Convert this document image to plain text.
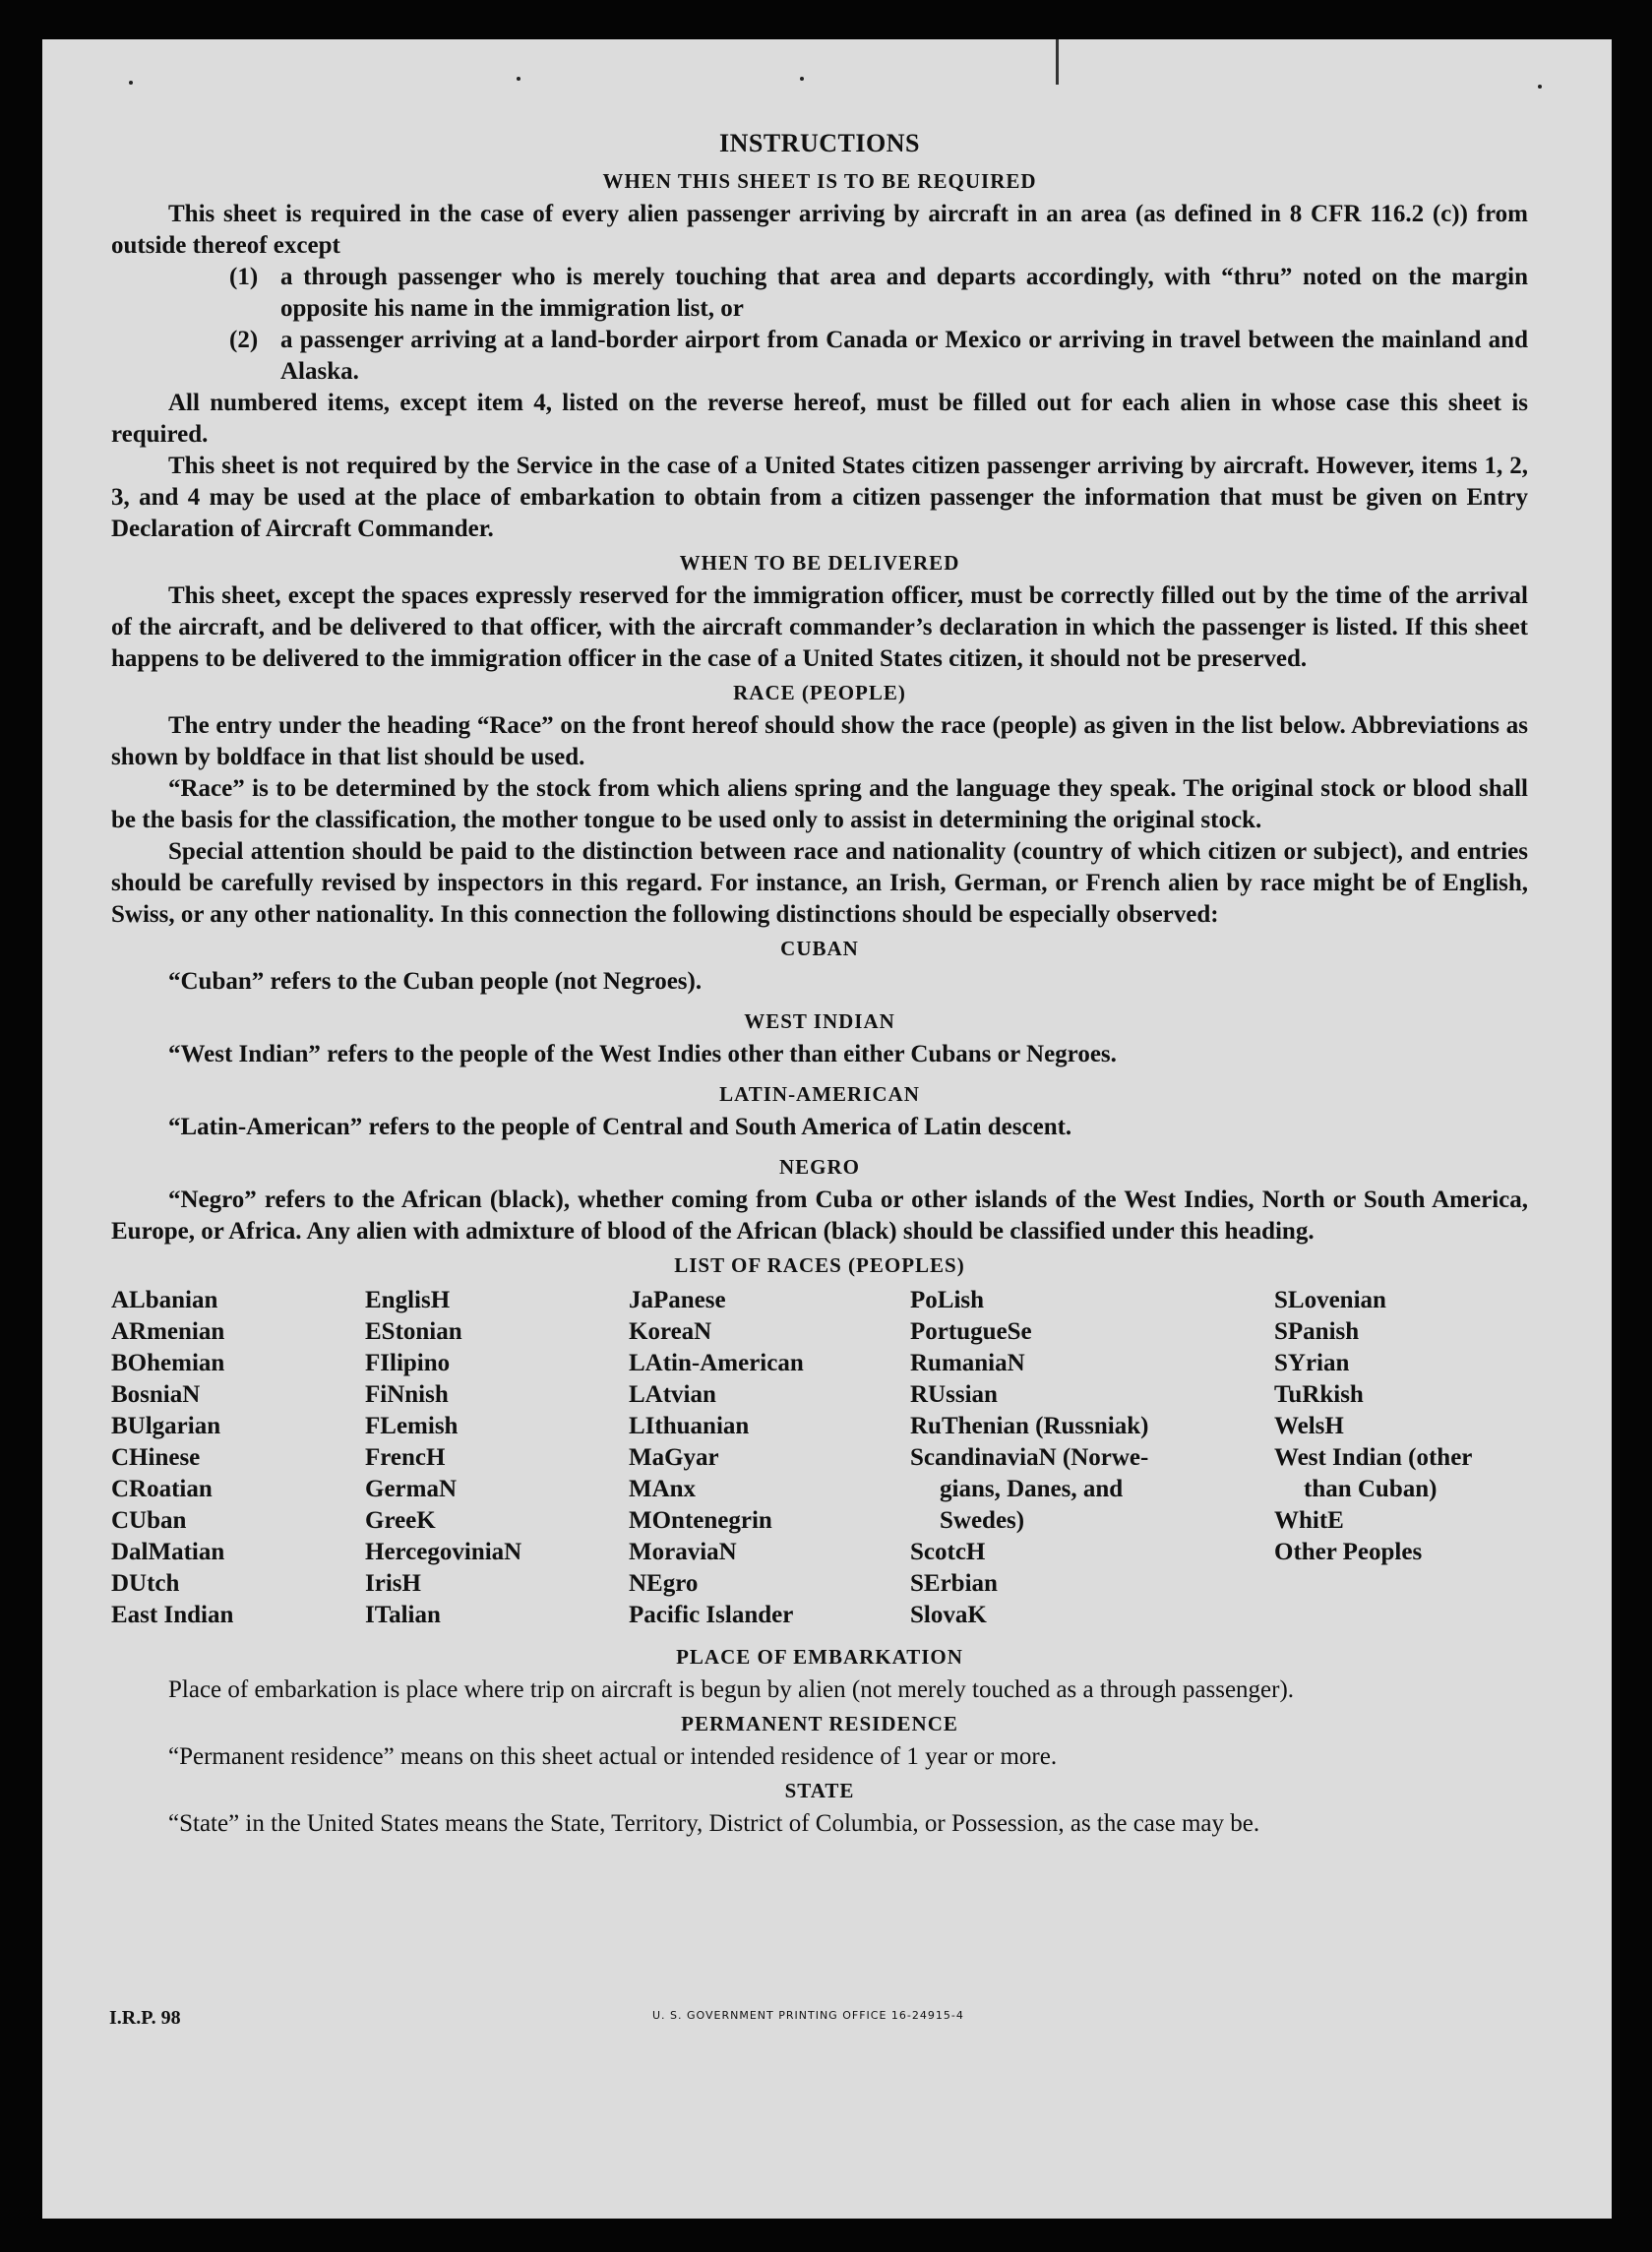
INSTRUCTIONS
WHEN THIS SHEET IS TO BE REQUIRED

This sheet is required in the case of every alien passenger arriving by aircraft in an area (as defined in 8 CFR 116.2 (c)) from outside thereof except

(1) a through passenger who is merely touching that area and departs accordingly, with “thru” noted on the margin opposite his name in the immigration list, or
(2) a passenger arriving at a land-border airport from Canada or Mexico or arriving in travel between the mainland and Alaska.

All numbered items, except item 4, listed on the reverse hereof, must be filled out for each alien in whose case this sheet is required.

This sheet is not required by the Service in the case of a United States citizen passenger arriving by aircraft. However, items 1, 2, 3, and 4 may be used at the place of embarkation to obtain from a citizen passenger the information that must be given on Entry Declaration of Aircraft Commander.

WHEN TO BE DELIVERED

This sheet, except the spaces expressly reserved for the immigration officer, must be correctly filled out by the time of the arrival of the aircraft, and be delivered to that officer, with the aircraft commander’s declaration in which the passenger is listed. If this sheet happens to be delivered to the immigration officer in the case of a United States citizen, it should not be preserved.

RACE (PEOPLE)

The entry under the heading “Race” on the front hereof should show the race (people) as given in the list below. Abbreviations as shown by boldface in that list should be used.

“Race” is to be determined by the stock from which aliens spring and the language they speak. The original stock or blood shall be the basis for the classification, the mother tongue to be used only to assist in determining the original stock.

Special attention should be paid to the distinction between race and nationality (country of which citizen or subject), and entries should be carefully revised by inspectors in this regard. For instance, an Irish, German, or French alien by race might be of English, Swiss, or any other nationality. In this connection the following distinctions should be especially observed:

CUBAN
“Cuban” refers to the Cuban people (not Negroes).
WEST INDIAN
“West Indian” refers to the people of the West Indies other than either Cubans or Negroes.
LATIN-AMERICAN
“Latin-American” refers to the people of Central and South America of Latin descent.
NEGRO

“Negro” refers to the African (black), whether coming from Cuba or other islands of the West Indies, North or South America, Europe, or Africa. Any alien with admixture of blood of the African (black) should be classified under this heading.

LIST OF RACES (PEOPLES)
ALbanian
ARmenian
BOhemian
BosniaN
BUlgarian
CHinese
CRoatian
CUban
DalMatian
DUtch
East Indian
EnglisH
EStonian
FIlipino
FiNnish
FLemish
FrencH
GermaN
GreeK
HercegoviniaN
IrisH
ITalian
JaPanese
KoreaN
LAtin-American
LAtvian
LIthuanian
MaGyar
MAnx
MOntenegrin
MoraviaN
NEgro
Pacific Islander
PoLish
PortugueSe
RumaniaN
RUssian
RuThenian (Russniak)
ScandinaviaN (Norwe-
gians, Danes, and
Swedes)
ScotcH
SErbian
SlovaK
SLovenian
SPanish
SYrian
TuRkish
WelsH
West Indian (other
than Cuban)
WhitE
Other Peoples
PLACE OF EMBARKATION

Place of embarkation is place where trip on aircraft is begun by alien (not merely touched as a through passenger).

PERMANENT RESIDENCE

“Permanent residence” means on this sheet actual or intended residence of 1 year or more.

STATE

“State” in the United States means the State, Territory, District of Columbia, or Possession, as the case may be.

I.R.P. 98	U. S. GOVERNMENT PRINTING OFFICE 16-24915-4
